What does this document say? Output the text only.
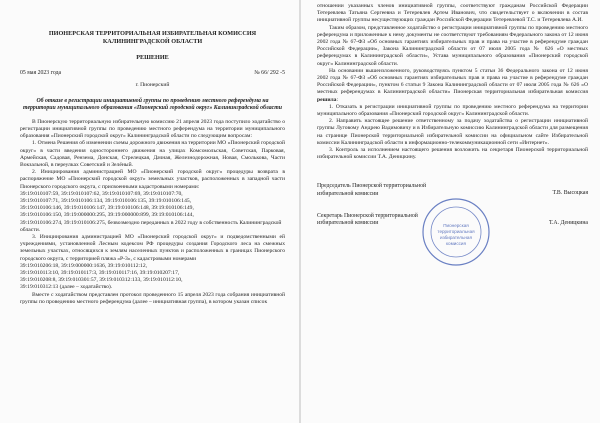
ПИОНЕРСКАЯ ТЕРРИТОРИАЛЬНАЯ ИЗБИРАТЕЛЬНАЯ КОМИССИЯ КАЛИНИНГРАДСКОЙ ОБЛАСТИ

РЕШЕНИЕ

05 мая 2023 года	№ 66/ 292 -5

г. Пионерский

Об отказе в регистрации инициативной группы по проведению местного референдума на территории муниципального образования «Пионерский городской округ» Калининградской области

В Пионерскую территориальную избирательную комиссию 21 апреля 2023 года поступило ходатайство о регистрации инициативной группы по проведению местного референдума на территории муниципального образования «Пионерский городской округ» Калининградской области по следующим вопросам:

1. Отмена Решения об изменении схемы дорожного движения на территории МО «Пионерский городской округ» в части введения одностороннего движения на улицах Комсомольская, Советская, Парковая, Армейская, Садовая, Рензема, Донская, Стрелецкая, Дачная, Железнодорожная, Новая, Смолькова, Части Вокзальной, в переулках Советский и Зелёный.

2. Инициирования администрацией МО «Пионерский городской округ» процедуры возврата в распоряжение МО «Пионерский городской округ» земельных участков, расположенных в западной части Пионерского городского округа, с присвоенными кадастровыми номерами:

39:19:010107:59, 39:19:010107:62, 39:19:010107:69, 39:19:010107:70,
39:19:010107:71, 39:19:010106:134, 39:19:010106:135, 39:19:010106:145,
39:19:010106:146, 39:19:010106:147, 39:19:010106:148, 39:19:010106:149,
39:19:010106:150, 39:19:000000:295, 39:19:000000:899, 39:19:010106:144,
39:19:010106:274, 39:19:010106:275, безвозмездно переданных в 2022 году в собственность Калининградской области.

3. Инициирования администрацией МО «Пионерский городской округ» и подведомственными ей учреждениями, установленной Лесным кодексом РФ процедуры создания Городского леса на смежных земельных участках, относящихся к землям населенных пунктов и расположенных в границах Пионерского городского округа, с территорией пляжа «Р-3», с кадастровыми номерами

39:19:010206:18, 39:19:000000:1636, 39:19:010112:12,
39:19:010113:10, 39:19:010117:3, 39:19:010117:16, 39:19:010207:17,
39:19:010208:8, 39:19:010301:57, 39:19:010312:133, 39:19:010112:10,
39:19:010312:13 (далее – ходатайство).

Вместе с ходатайством представлен протокол проведенного 15 апреля 2023 года собрания инициативной группы по проведению местного референдума (далее – инициативная группа), в котором указан список

отношении указанных членов инициативной группы, соответствуют гражданам Российской Федерации Тетеревлева Татьяна Сергеевна и Тетеревлев Артем Иванович, что свидетельствует о включении в состав инициативной группы несуществующих граждан Российской Федерации Тетеревлевой Т.С. и Тетеревлева А.И.

Таким образом, представленное ходатайство о регистрации инициативной группы по проведению местного референдума и приложенные к нему документы не соответствуют требованиям Федерального закона от 12 июня 2002 года № 67-ФЗ «Об основных гарантиях избирательных прав и права на участие в референдуме граждан Российской Федерации», Закона Калининградской области от 07 июля 2005 года № 626 «О местных референдумах в Калининградской области», Устава муниципального образования «Пионерский городской округ» Калининградской области.

На основании вышеизложенного, руководствуясь пунктом 5 статьи 36 Федерального закона от 12 июня 2002 года № 67-ФЗ «Об основных гарантиях избирательных прав и права на участие в референдуме граждан Российской Федерации», пунктом 6 статьи 9 Закона Калининградской области от 07 июля 2005 года № 626 «О местных референдумах в Калининградской области» Пионерская территориальная избирательная комиссия решила:

1. Отказать в регистрации инициативной группы по проведению местного референдума на территории муниципального образования «Пионерский городской округ» Калининградской области.

2. Направить настоящее решение ответственному за подачу ходатайства о регистрации инициативной группы Луговому Андрею Вадимовичу и в Избирательную комиссию Калининградской области для размещения на странице Пионерской территориальной избирательной комиссии на официальном сайте Избирательной комиссии Калининградской области в информационно-телекоммуникационной сети «Интернет».

3. Контроль за исполнением настоящего решения возложить на секретаря Пионерской территориальной избирательной комиссии Т.А. Деницкину.

Пионерская
территориальная
избирательная
комиссия
Председатель Пионерской территориальной
избирательной комиссии	Т.В. Высоцкая
Секретарь Пионерской территориальной
избирательной комиссии	Т.А. Деницкина
